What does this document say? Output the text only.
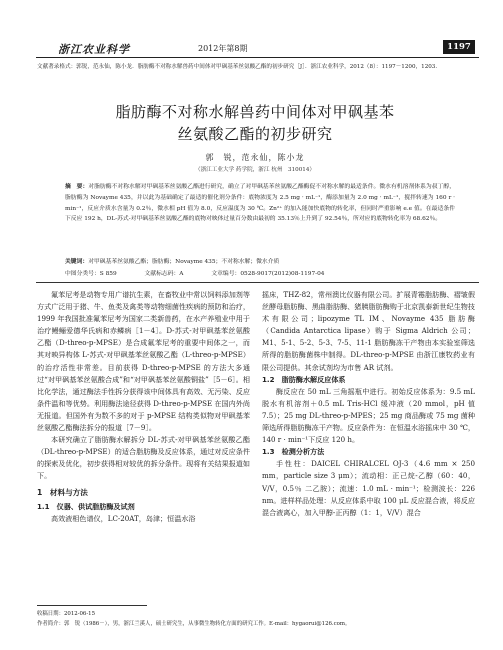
浙江农业科学	2012年第8期	1197
文献著录格式：郭锐，范永仙，陈小龙．脂肪酶不对称水解兽药中间体对甲砜基苯丝氨酸乙酯的初步研究［J］．浙江农业科学，2012（8）：1197－1200，1203．
脂肪酶不对称水解兽药中间体对甲砜基苯
丝氨酸乙酯的初步研究
郭　锐，范永仙，陈小龙
（浙江工业大学 药学院，浙江 杭州　310014）
摘　要：对脂肪酶不对称水解对甲砜基苯丝氨酸乙酯进行研究，确立了对甲砜基苯丝氨酸乙酯酶促不对称水解的最适条件。微水有机溶剂体系为叔丁醇，脂肪酶为 Novayme 435，并以此为基础确定了最适的催化剂分条件：底物浓度为 2.5 mg · mL⁻¹，酶添加量为 2.0 mg · mL⁻¹，搅拌转速为 160 r · min⁻¹，反应介质水含量为 0.2％，微水相 pH 值为 8.0，反应温度为 30 ℃。Zn²⁺ 的加入能加快底物的转化率，但同时严重影响 e.e 值。在最适条件下反应 192 h，DL-苏式-对甲砜基苯丝氨酸乙酯的底物对映体过量百分数由最初的 35.13％上升到了 92.54％，所对应的底物转化率为 68.62％。
关键词：对甲砜基苯丝氨酸乙酯；脂肪酶；Novayme 435；不对称水解；微水介质
中图分类号：S 859	文献标志码：A	文章编号：0528-9017(2012)08-1197-04

氟苯尼考是动物专用广谱抗生素，在畜牧业中常以饲料添加剂等方式广泛用于猪、牛、鱼类及禽类等动物细菌性疾病的预防和治疗，1999 年我国批准氟苯尼考为国家二类新兽药，在水产养殖业中用于治疗鳗鲡爱德华氏病和赤鳞病［1－4］。D-苏式-对甲砜基苯丝氨酸乙酯（D-threo-p-MPSE）是合成氟苯尼考的重要中间体之一，而其对映异构体 L-苏式-对甲砜基苯丝氨酸乙酯（L-threo-p-MPSE）的治疗活性非常差。目前获得 D-threo-p-MPSE 的方法大多通过“对甲砜基苯丝氨酸合成”和“对甲砜基苯丝氨酸铜盐”［5－6］。相比化学法，通过酶法手性拆分获得该中间体具有高效、无污染、反应条件温和等优势。利用酶法途径获得 D-threo-p-MPSE 在国内外尚无报道。但国外有为数不多的对于 p-MPSE 结构类似物对甲砜基苯丝氨酸乙酯酶法拆分的报道［7－9］。

本研究确立了脂肪酶水解拆分 DL-苏式-对甲砜基苯丝氨酸乙酯（DL-threo-p-MPSE）的适合脂肪酶及反应体系，通过对反应条件的探索及优化，初步获得相对较优的拆分条件。现将有关结果报道如下。

1　材料与方法

1.1　仪器、供试脂肪酶及试剂

高效液相色谱仪，LC-20AT，岛津；恒温水浴

摇床，THZ-82，常州澳比仪器有限公司。扩展青霉脂肪酶、褶皱假丝酵母脂肪酶、黑曲脂肪酶、猪胰脂肪酶购于北京凯泰新世纪生物技术有限公司；lipozyme TL IM、Novayme 435 脂肪酶（Candida Antarctica lipase）购于 Sigma Aldrich 公司；M1、5-1、5-2、5-3、7-5、11-1 脂肪酶冻干产物由本实验室筛选所得的脂肪酶菌株中制得。DL-threo-p-MPSE 由浙江康牧药业有限公司提供。其余试剂均为市售 AR 试剂。

1.2　脂肪酶水解反应体系

酶反应在 50 mL 三角摇瓶中进行。初始反应体系为：9.5 mL 脱水有机溶剂＋0.5 mL Tris-HCl 缓冲液（20 mmol，pH 值 7.5）；25 mg DL-threo-p-MPES；25 mg 商品酶或 75 mg 菌种筛选所得脂肪酶冻干产物。反应条件为：在恒温水浴摇床中 30 ℃，140 r · min⁻¹下反应 120 h。

1.3　检测分析方法

手性柱：DAICEL CHIRALCEL OJ-3（4.6 mm × 250 mm，particle size 3 μm）；流动相：正己烷-乙醇（60：40，V/V，0.5％ 二乙胺）；流速：1.0 mL · min⁻¹；检测波长：226 nm。进样样品处理：从反应体系中取 100 μL 反应混合液，将反应混合液离心，加入甲醇-正丙醇（1：1，V/V）混合

收稿日期：2012-06-15
作者简介：郭　锐（1986－），男，浙江兰溪人，硕士研究生，从事微生物转化方面的研究工作。E-mail：hygaorui@126.com。
